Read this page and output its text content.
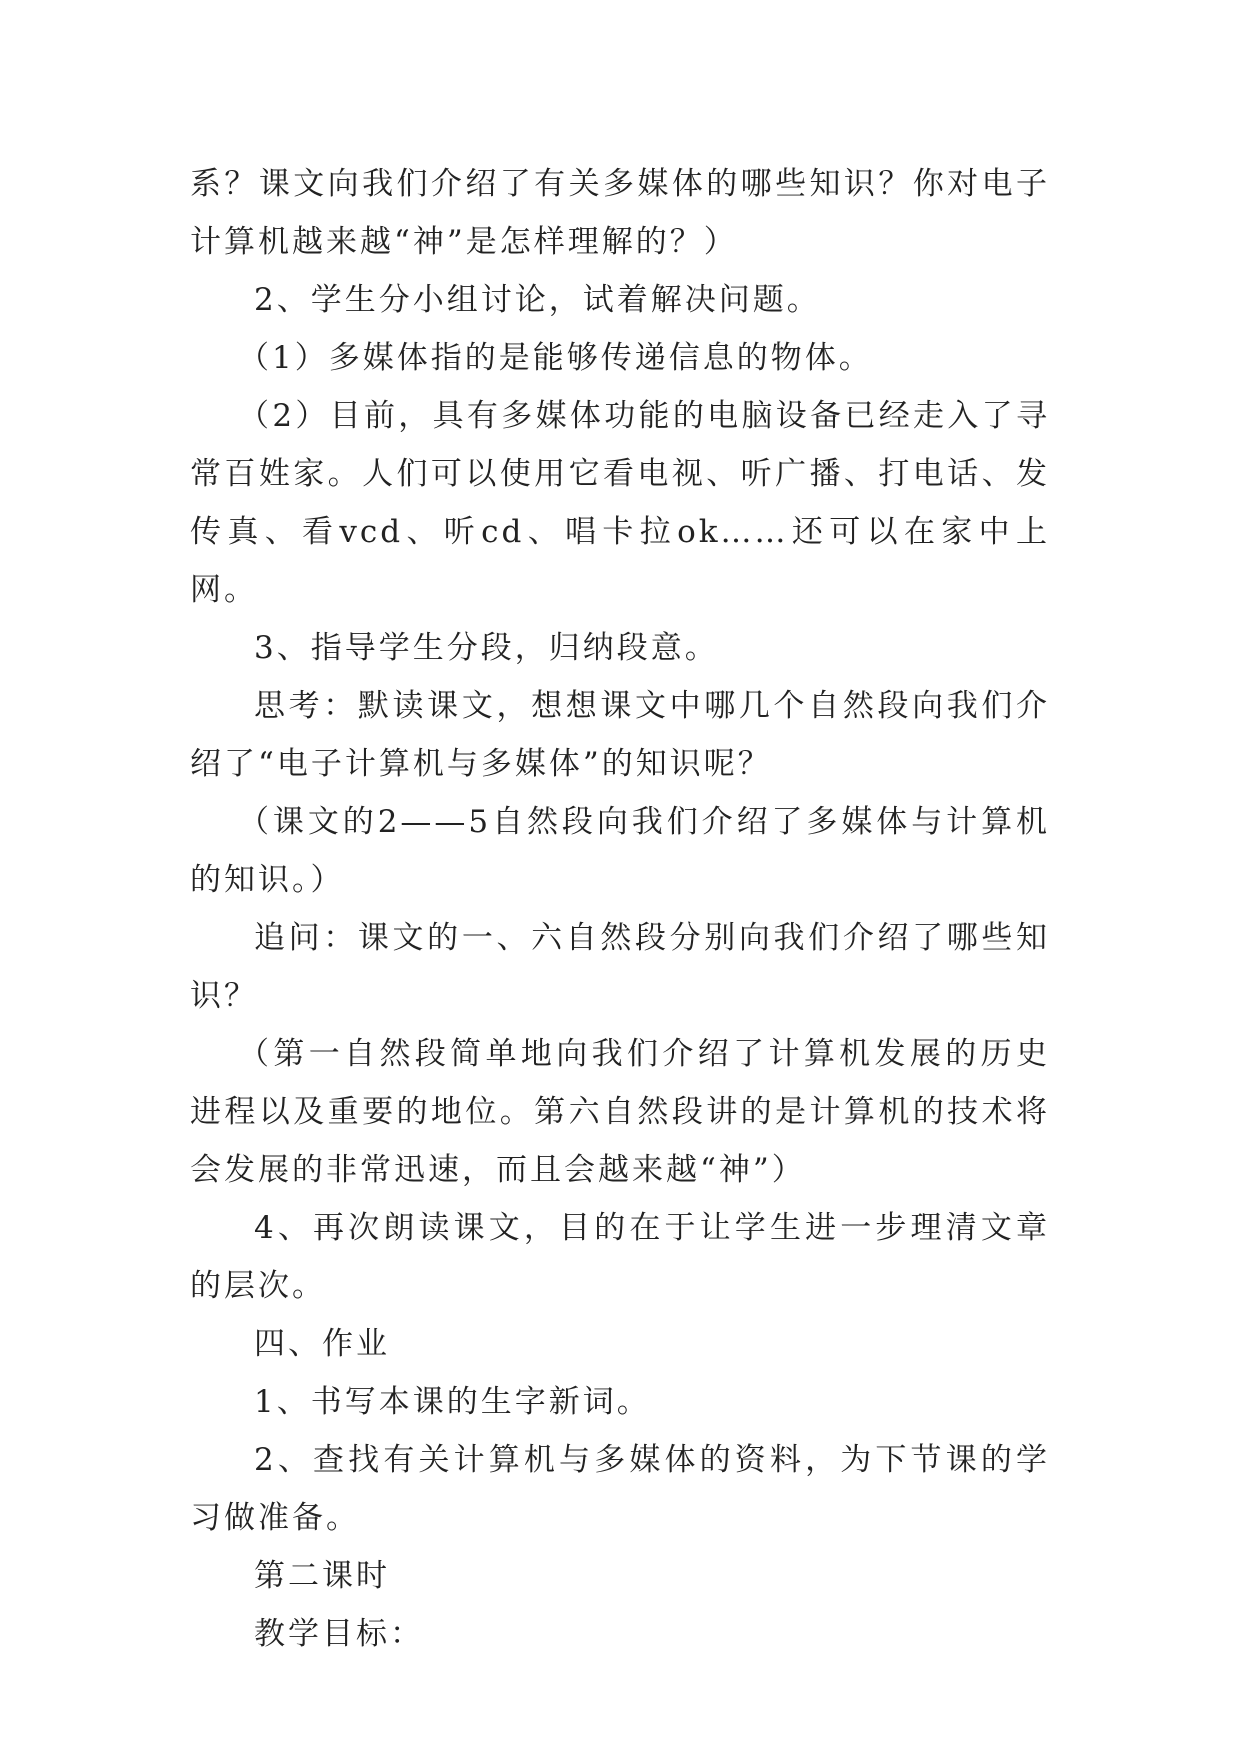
系？课文向我们介绍了有关多媒体的哪些知识？你对电子计算机越来越“神”是怎样理解的？）

2、学生分小组讨论，试着解决问题。

（1）多媒体指的是能够传递信息的物体。

（2）目前，具有多媒体功能的电脑设备已经走入了寻常百姓家。人们可以使用它看电视、听广播、打电话、发传真、看vcd、听cd、唱卡拉ok……还可以在家中上网。

3、指导学生分段，归纳段意。

思考：默读课文，想想课文中哪几个自然段向我们介绍了“电子计算机与多媒体”的知识呢？

（课文的2——5自然段向我们介绍了多媒体与计算机的知识。）

追问：课文的一、六自然段分别向我们介绍了哪些知识？

（第一自然段简单地向我们介绍了计算机发展的历史进程以及重要的地位。第六自然段讲的是计算机的技术将会发展的非常迅速，而且会越来越“神”）

4、再次朗读课文，目的在于让学生进一步理清文章的层次。

四、作业

1、书写本课的生字新词。

2、查找有关计算机与多媒体的资料，为下节课的学习做准备。

第二课时

教学目标：
